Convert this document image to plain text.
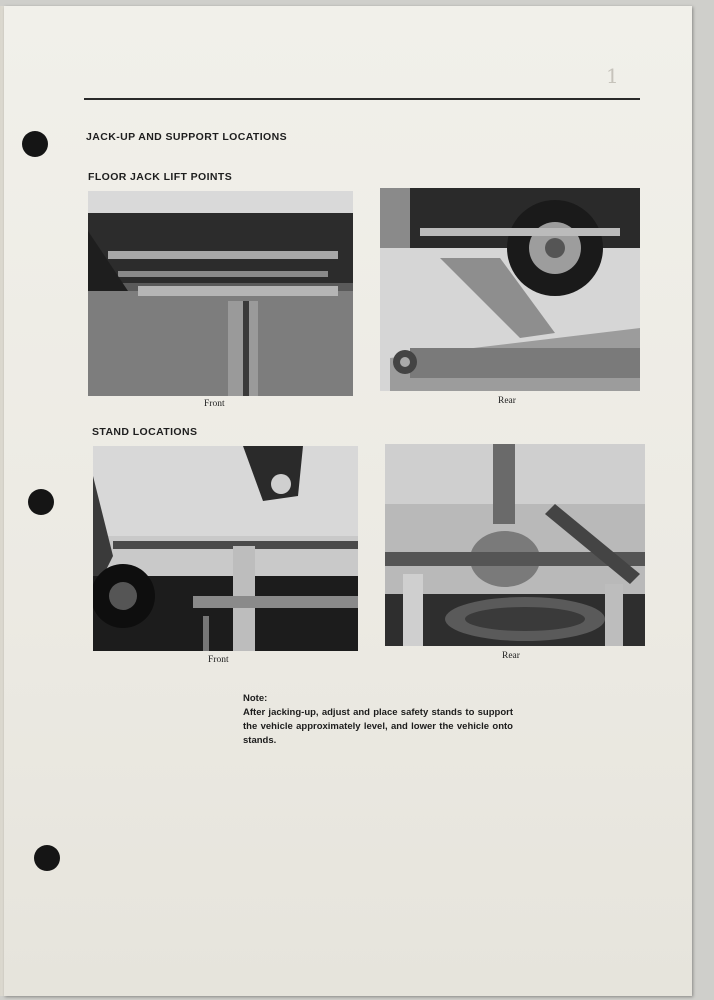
1
JACK-UP AND SUPPORT LOCATIONS
FLOOR JACK LIFT POINTS
Front	Rear
STAND LOCATIONS
Front	Rear
Note:
After jacking-up, adjust and place safety stands to support the vehicle approximately level, and lower the vehicle onto stands.
